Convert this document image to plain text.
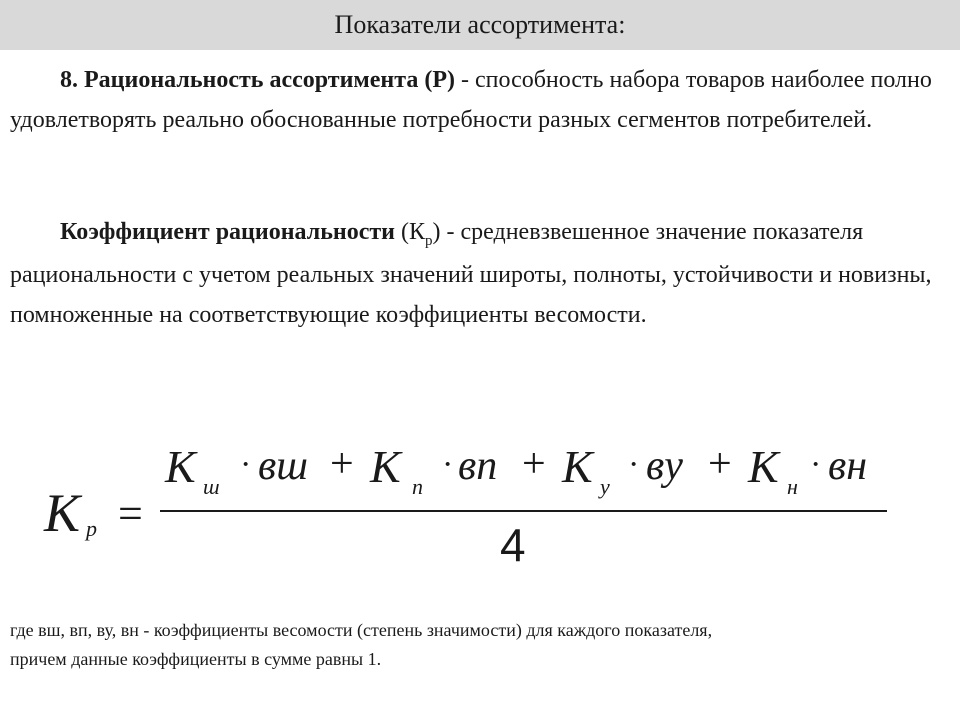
Показатели ассортимента:

8. Рациональность ассортимента (Р) - способность набора товаров наиболее полно удовлетворять реально обоснованные потребности разных сегментов потребителей.

Коэффициент рациональности $(К_р)$ - средневзвешенное значение показателя рациональности с учетом реальных значений широты, полноты, устойчивости и новизны, помноженные на соответствующие коэффициенты весомости.

K p =
K ш
· вш + K п
· вп + K у
· ву + K н
· вн
4

где вш, вп, ву, вн - коэффициенты весомости (степень значимости) для каждого показателя,
причем данные коэффициенты в сумме равны 1.
